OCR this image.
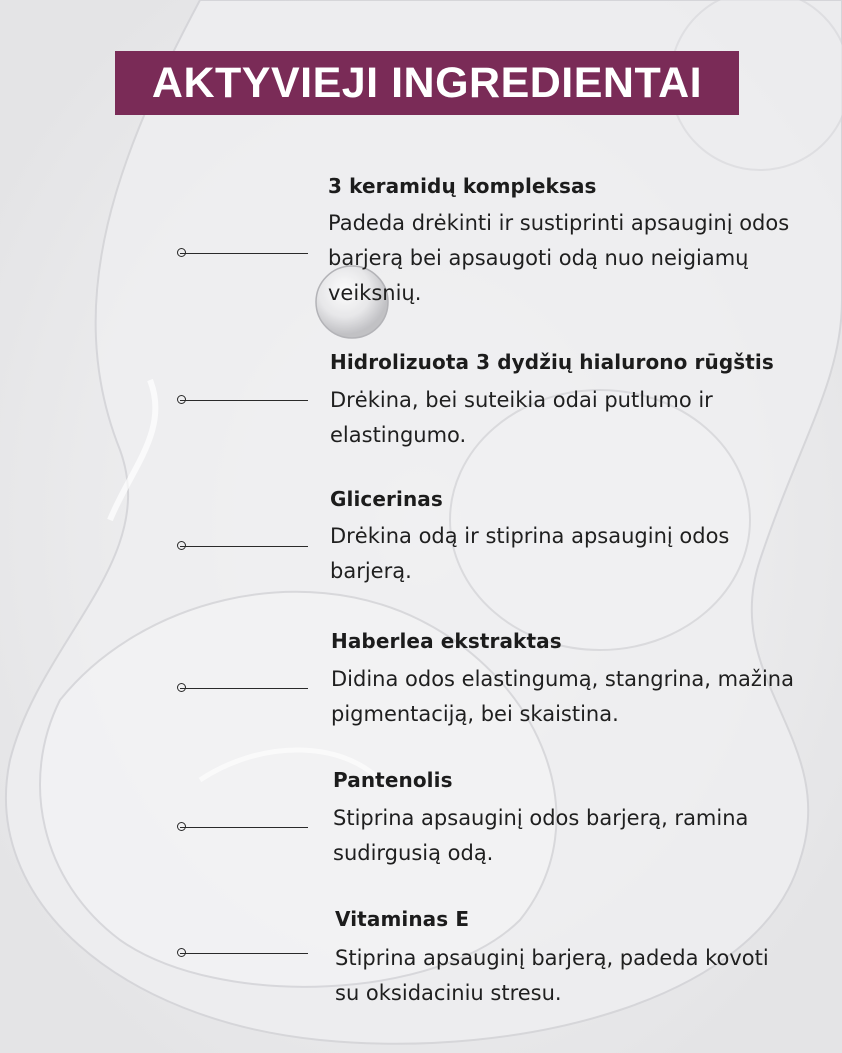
AKTYVIEJI INGREDIENTAI
3 keramidų kompleksas
Padeda drėkinti ir sustiprinti apsauginį odos barjerą bei apsaugoti odą nuo neigiamų veiksnių.
Hidrolizuota 3 dydžių hialurono rūgštis
Drėkina, bei suteikia odai putlumo ir elastingumo.
Glicerinas
Drėkina odą ir stiprina apsauginį odos barjerą.
Haberlea ekstraktas
Didina odos elastingumą, stangrina, mažina pigmentaciją, bei skaistina.
Pantenolis
Stiprina apsauginį odos barjerą, ramina sudirgusią odą.
Vitaminas E
Stiprina apsauginį barjerą, padeda kovoti su oksidaciniu stresu.
